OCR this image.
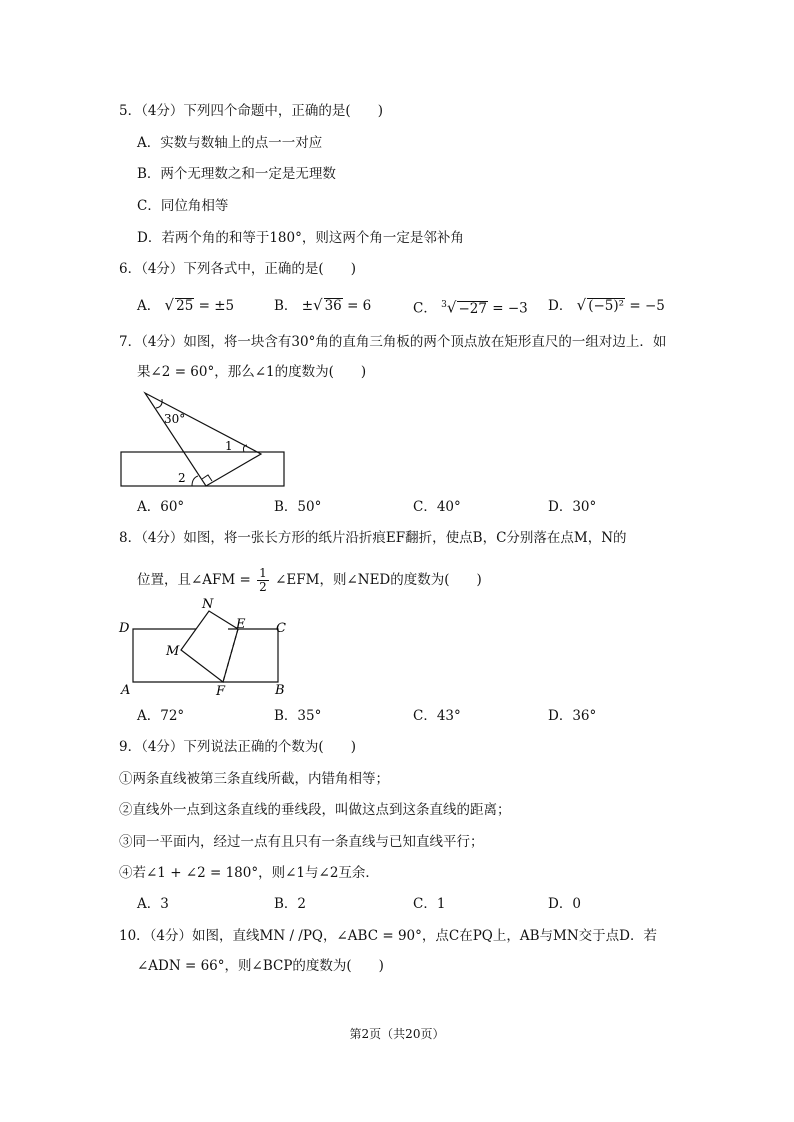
5．（4分）下列四个命题中，正确的是(　　)
A．实数与数轴上的点一一对应
B．两个无理数之和一定是无理数
C．同位角相等
D．若两个角的和等于180°，则这两个角一定是邻补角
6．（4分）下列各式中，正确的是(　　)
A． √ 25 = ±5	B． ±√ 36 = 6	C． $^3$√ −27 = −3 D． √ (−5)² = −5
7．（4分）如图，将一块含有30°角的直角三角板的两个顶点放在矩形直尺的一组对边上．如
果∠2 = 60°，那么∠1的度数为(　　)
30°
1
2
A．60°	B．50°	C．40°	D．30°
8．（4分）如图，将一张长方形的纸片沿折痕EF翻折，使点B，C分别落在点M，N的
位置，且∠AFM = $\frac{1}{2}$ ∠EFM，则∠NED的度数为(　　)
N
D	E C
M
A	F	B
A．72°	B．35°	C．43°	D．36°
9．（4分）下列说法正确的个数为(　　)
①两条直线被第三条直线所截，内错角相等；
②直线外一点到这条直线的垂线段，叫做这点到这条直线的距离；
③同一平面内，经过一点有且只有一条直线与已知直线平行；
④若∠1 + ∠2 = 180°，则∠1与∠2互余．
A．3	B．2	C．1	D．0
10．（4分）如图，直线MN / /PQ，∠ABC = 90°，点C在PQ上，AB与MN交于点D．若
∠ADN = 66°，则∠BCP的度数为(　　)
第2页（共20页）
